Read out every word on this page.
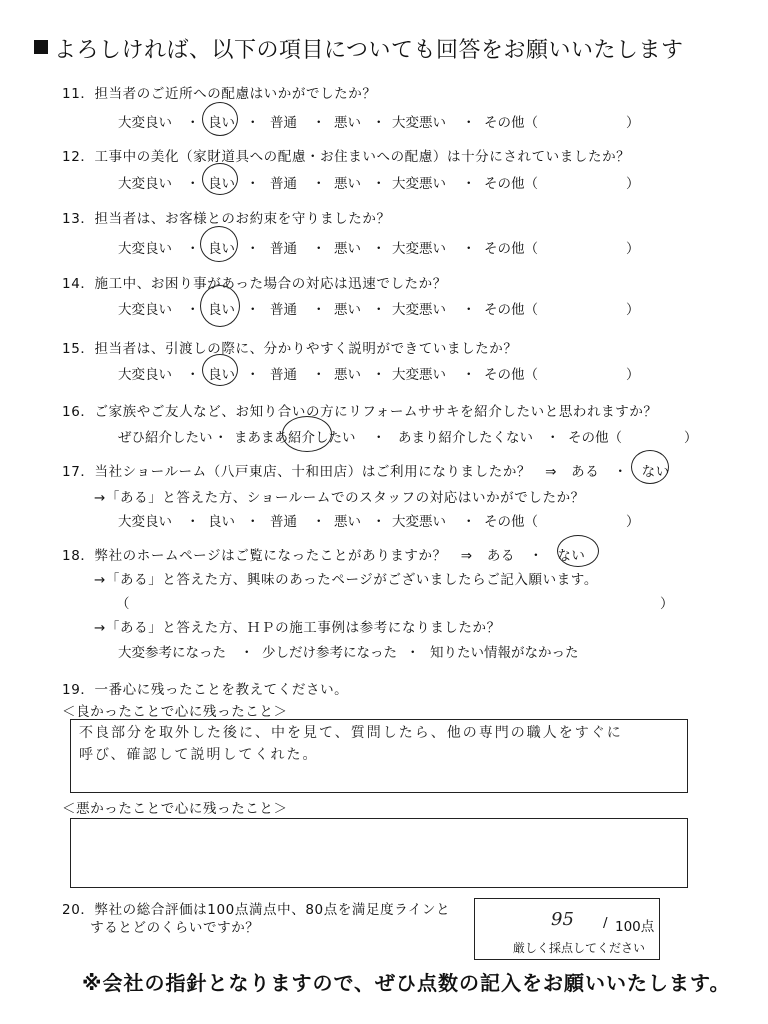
よろしければ、以下の項目についても回答をお願いいたします
11．担当者のご近所への配慮はいかがでしたか？
大変良い ・ 良い ・ 普通 ・ 悪い ・ 大変悪い ・ その他（	）
12．工事中の美化（家財道具への配慮・お住まいへの配慮）は十分にされていましたか？
大変良い ・ 良い ・ 普通 ・ 悪い ・ 大変悪い ・ その他（	）
13．担当者は、お客様とのお約束を守りましたか？
大変良い ・ 良い ・ 普通 ・ 悪い ・ 大変悪い ・ その他（	）
14．施工中、お困り事があった場合の対応は迅速でしたか？
大変良い ・ 良い ・ 普通 ・ 悪い ・ 大変悪い ・ その他（	）
15．担当者は、引渡しの際に、分かりやすく説明ができていましたか？
大変良い ・ 良い ・ 普通 ・ 悪い ・ 大変悪い ・ その他（	）
16．ご家族やご友人など、お知り合いの方にリフォームササキを紹介したいと思われますか？
ぜひ紹介したい ・ まあまあ紹介したい ・ あまり紹介したくない ・ その他（	）
17．当社ショールーム（八戸東店、十和田店）はご利用になりましたか？　⇒　ある　・　ない
→「ある」と答えた方、ショールームでのスタッフの対応はいかがでしたか？
大変良い ・ 良い ・ 普通 ・ 悪い ・ 大変悪い ・ その他（	）
18．弊社のホームページはご覧になったことがありますか？　⇒　ある　・　ない
→「ある」と答えた方、興味のあったページがございましたらご記入願います。
（	）
→「ある」と答えた方、ＨＰの施工事例は参考になりましたか？
大変参考になった ・ 少しだけ参考になった ・ 知りたい情報がなかった
19．一番心に残ったことを教えてください。
＜良かったことで心に残ったこと＞
不良部分を取外した後に、中を見て、質問したら、他の専門の職人をすぐに
呼び、確認して説明してくれた。
＜悪かったことで心に残ったこと＞
20．弊社の総合評価は100点満点中、80点を満足度ラインと
　　するとどのくらいですか？	95 / 100点
厳しく採点してください
※会社の指針となりますので、ぜひ点数の記入をお願いいたします。
